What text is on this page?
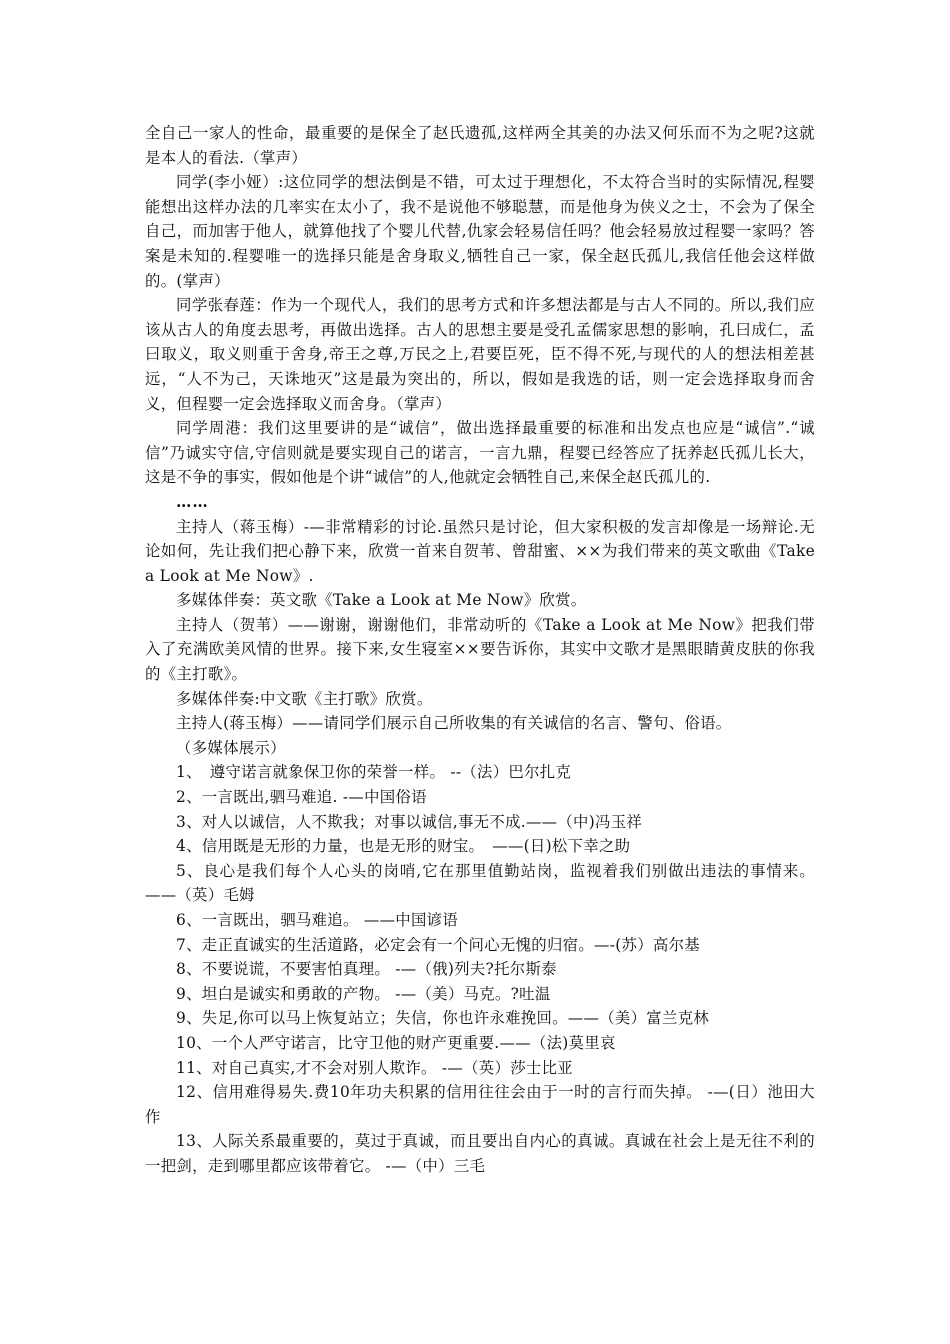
全自己一家人的性命，最重要的是保全了赵氏遗孤,这样两全其美的办法又何乐而不为之呢?这就是本人的看法.（掌声）

同学(李小娅）:这位同学的想法倒是不错，可太过于理想化，不太符合当时的实际情况,程婴能想出这样办法的几率实在太小了，我不是说他不够聪慧，而是他身为侠义之士，不会为了保全自己，而加害于他人，就算他找了个婴儿代替,仇家会轻易信任吗？他会轻易放过程婴一家吗？答案是未知的.程婴唯一的选择只能是舍身取义,牺牲自己一家，保全赵氏孤儿,我信任他会这样做的。(掌声）

同学张春莲：作为一个现代人，我们的思考方式和许多想法都是与古人不同的。所以,我们应该从古人的角度去思考，再做出选择。古人的思想主要是受孔孟儒家思想的影响，孔曰成仁，孟曰取义，取义则重于舍身,帝王之尊,万民之上,君要臣死，臣不得不死,与现代的人的想法相差甚远，“人不为己，天诛地灭”这是最为突出的，所以，假如是我选的话，则一定会选择取身而舍义，但程婴一定会选择取义而舍身。（掌声）

同学周港：我们这里要讲的是“诚信”，做出选择最重要的标准和出发点也应是“诚信”.“诚信”乃诚实守信,守信则就是要实现自己的诺言，一言九鼎，程婴已经答应了抚养赵氏孤儿长大，这是不争的事实，假如他是个讲“诚信”的人,他就定会牺牲自己,来保全赵氏孤儿的.

……

主持人（蒋玉梅）-—非常精彩的讨论.虽然只是讨论，但大家积极的发言却像是一场辩论.无论如何，先让我们把心静下来，欣赏一首来自贺苇、曾甜蜜、××为我们带来的英文歌曲《Take a Look at Me Now》.

多媒体伴奏：英文歌《Take a Look at Me Now》欣赏。

主持人（贺苇）——谢谢，谢谢他们，非常动听的《Take a Look at Me Now》把我们带入了充满欧美风情的世界。接下来,女生寝室××要告诉你，其实中文歌才是黑眼睛黄皮肤的你我的《主打歌》。

多媒体伴奏:中文歌《主打歌》欣赏。

主持人(蒋玉梅）——请同学们展示自己所收集的有关诚信的名言、警句、俗语。

（多媒体展示）

1、　遵守诺言就象保卫你的荣誉一样。 --（法）巴尔扎克

2、一言既出,驷马难追. -—中国俗语

3、对人以诚信，人不欺我；对事以诚信,事无不成.——（中)冯玉祥

4、信用既是无形的力量，也是无形的财宝。　——(日)松下幸之助

5、良心是我们每个人心头的岗哨,它在那里值勤站岗，监视着我们别做出违法的事情来。 ——（英）毛姆

6、一言既出，驷马难追。 ——中国谚语

7、走正直诚实的生活道路，必定会有一个问心无愧的归宿。—-(苏）高尔基

8、不要说谎，不要害怕真理。 -—（俄)列夫?托尔斯泰

9、坦白是诚实和勇敢的产物。 -—（美）马克。?吐温

9、失足,你可以马上恢复站立；失信，你也许永难挽回。——（美）富兰克林

10、一个人严守诺言，比守卫他的财产更重要.——（法)莫里哀

11、对自己真实,才不会对别人欺诈。 -—（英）莎士比亚

12、信用难得易失.费10年功夫积累的信用往往会由于一时的言行而失掉。 -—(日）池田大作

13、人际关系最重要的，莫过于真诚，而且要出自内心的真诚。真诚在社会上是无往不利的一把剑，走到哪里都应该带着它。 -—（中）三毛
